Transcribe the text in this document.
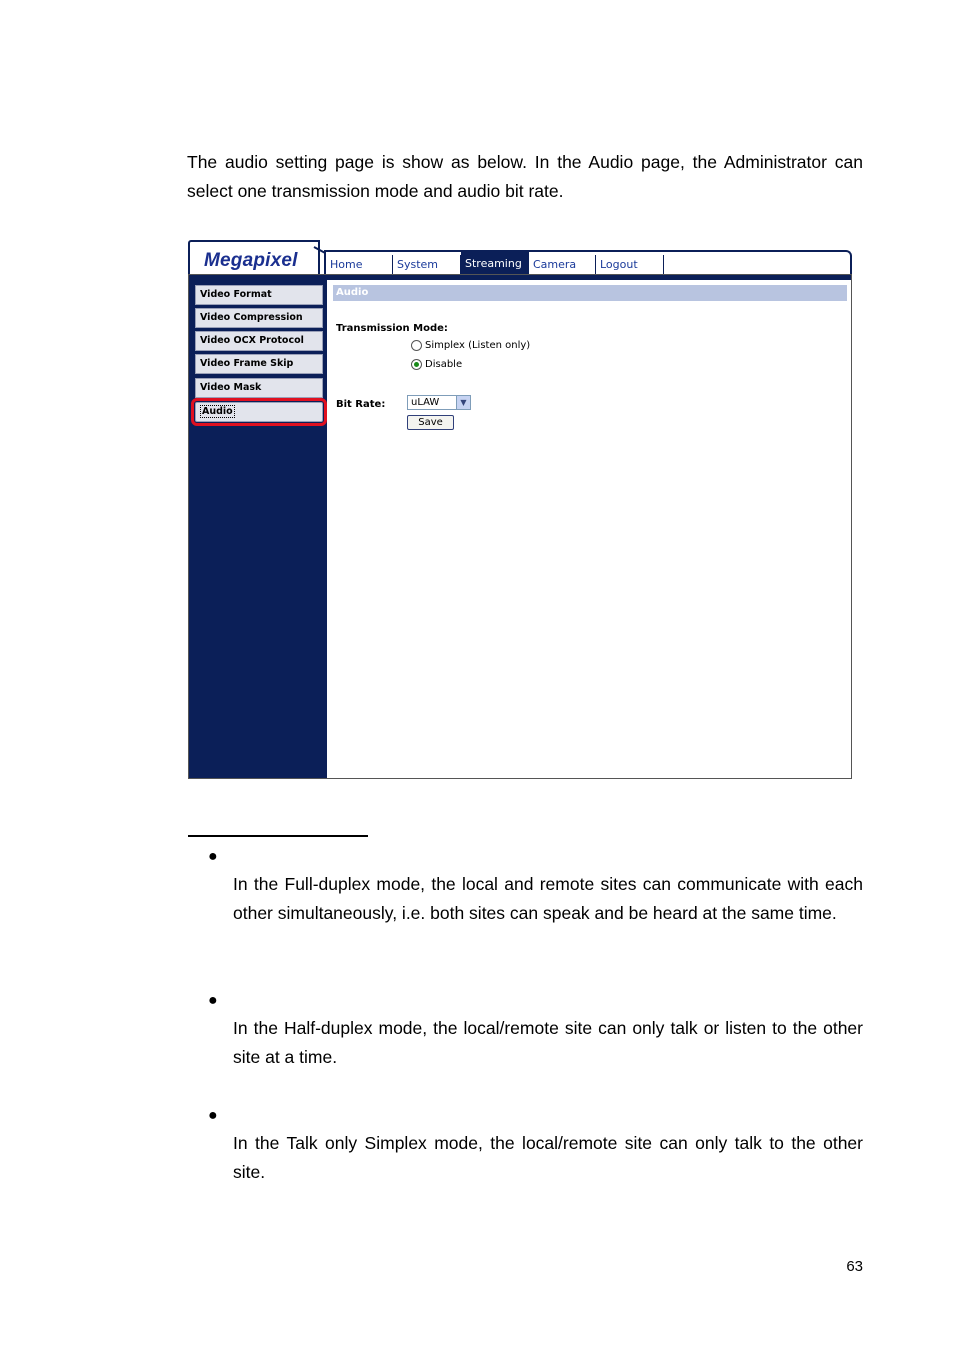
The audio setting page is show as below. In the Audio page, the Administrator can select one transmission mode and audio bit rate.

Megapixel	Home	System	Streaming	Camera	Logout
Video Format
Video Compression
Video OCX Protocol
Video Frame Skip
Video Mask
Audio
Audio
Transmission Mode:
Simplex (Listen only)
Disable
Bit Rate:	uLAW	▼
Save
●

In the Full-duplex mode, the local and remote sites can communicate with each other simultaneously, i.e. both sites can speak and be heard at the same time.

●

In the Half-duplex mode, the local/remote site can only talk or listen to the other site at a time.

●

In the Talk only Simplex mode, the local/remote site can only talk to the other site.

63
